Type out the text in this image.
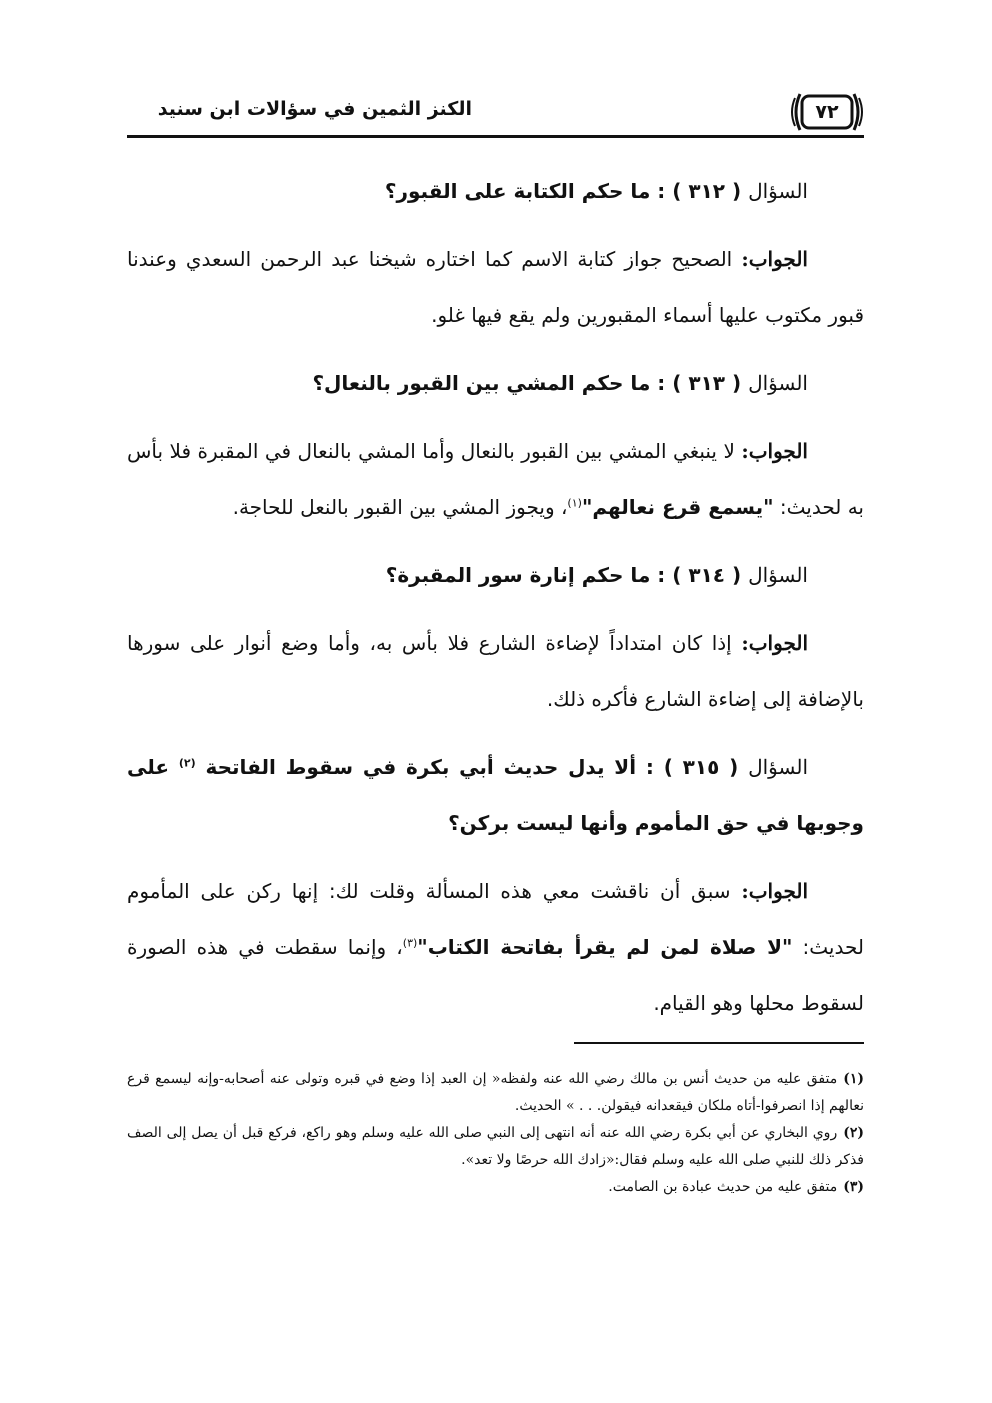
٧٢
الكنز الثمين في سؤالات ابن سنيد

السؤال ( ٣١٢ ) : ما حكم الكتابة على القبور؟

الجواب: الصحيح جواز كتابة الاسم كما اختاره شيخنا عبد الرحمن السعدي وعندنا قبور مكتوب عليها أسماء المقبورين ولم يقع فيها غلو.

السؤال ( ٣١٣ ) : ما حكم المشي بين القبور بالنعال؟

الجواب: لا ينبغي المشي بين القبور بالنعال وأما المشي بالنعال في المقبرة فلا بأس به لحديث: "يسمع قرع نعالهم"$^{(١)}$، ويجوز المشي بين القبور بالنعل للحاجة.

السؤال ( ٣١٤ ) : ما حكم إنارة سور المقبرة؟

الجواب: إذا كان امتداداً لإضاءة الشارع فلا بأس به، وأما وضع أنوار على سورها بالإضافة إلى إضاءة الشارع فأكره ذلك.

السؤال ( ٣١٥ ) : ألا يدل حديث أبي بكرة في سقوط الفاتحة $^{(٢)}$ على وجوبها في حق المأموم وأنها ليست بركن؟

الجواب: سبق أن ناقشت معي هذه المسألة وقلت لك: إنها ركن على المأموم لحديث: "لا صلاة لمن لم يقرأ بفاتحة الكتاب"$^{(٣)}$، وإنما سقطت في هذه الصورة لسقوط محلها وهو القيام.

(١)متفق عليه من حديث أنس بن مالك رضي الله عنه ولفظه« إن العبد إذا وضع في قبره وتولى عنه أصحابه-وإنه ليسمع قرع نعالهم إذا انصرفوا-أتاه ملكان فيقعدانه فيقولن. . . » الحديث.

(٢)روي البخاري عن أبي بكرة رضي الله عنه أنه انتهى إلى النبي صلى الله عليه وسلم وهو راكع، فركع قبل أن يصل إلى الصف فذكر ذلك للنبي صلى الله عليه وسلم فقال:«زادك الله حرصًا ولا تعد».

(٣)متفق عليه من حديث عبادة بن الصامت.
